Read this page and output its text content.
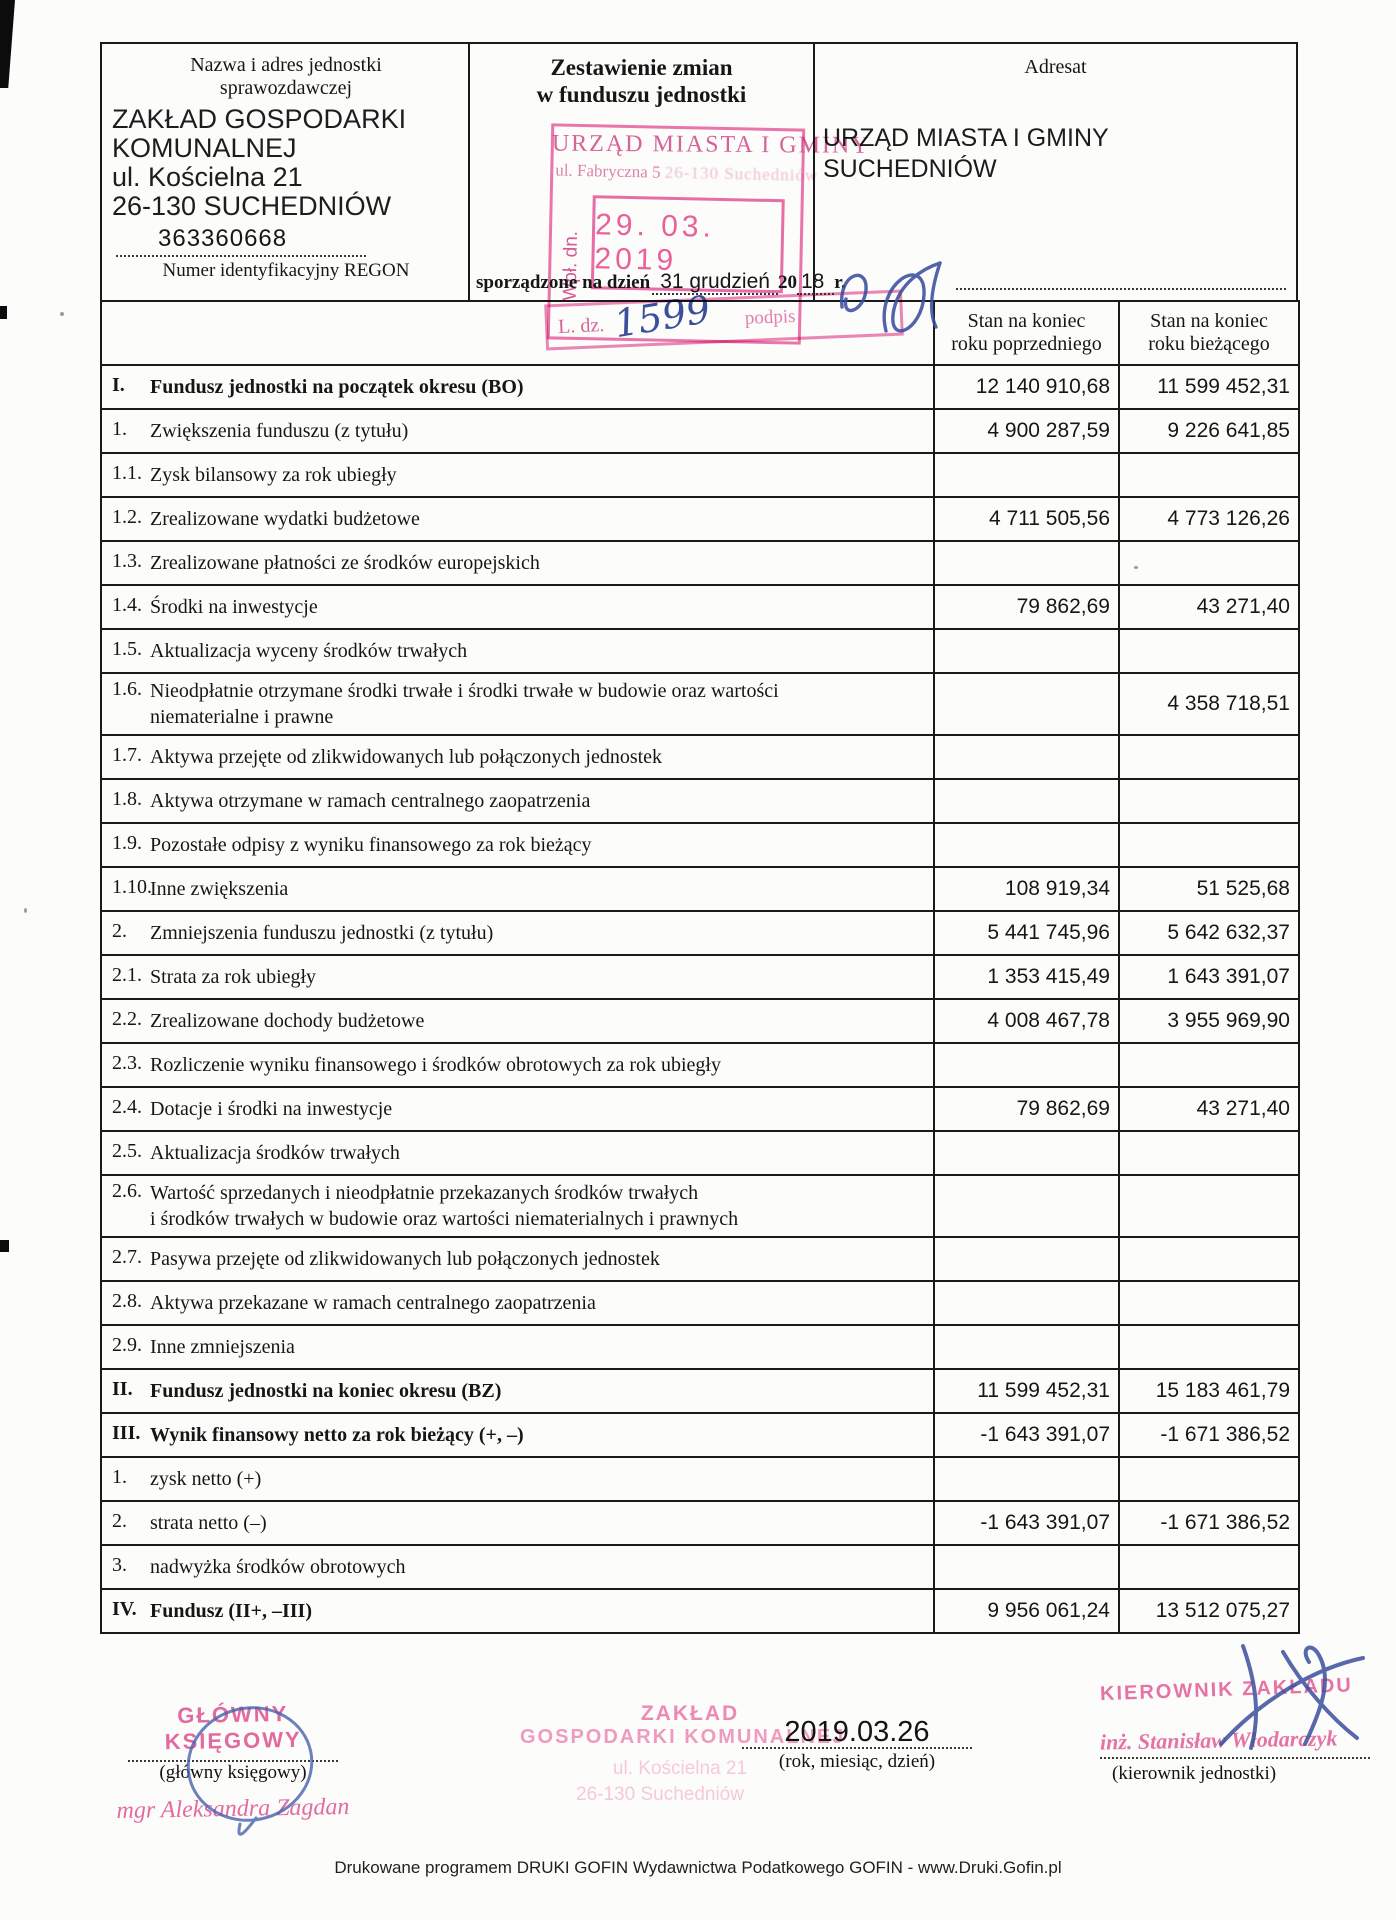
Nazwa i adres jednostki
sprawozdawczej
ZAKŁAD GOSPODARKI
KOMUNALNEJ
ul. Kościelna 21
26-130 SUCHEDNIÓW
363360668
Numer identyfikacyjny REGON
Zestawienie zmian
w funduszu jednostki
sporządzone na dzień 31 grudzień 20 18 r.
Adresat
URZĄD MIASTA I GMINY
SUCHEDNIÓW
	Stan na koniec
roku poprzedniego	Stan na koniec
roku bieżącego
I. Fundusz jednostki na początek okresu (BO)	12 140 910,68	11 599 452,31
1. Zwiększenia funduszu (z tytułu)	4 900 287,59	9 226 641,85
1.1. Zysk bilansowy za rok ubiegły		
1.2. Zrealizowane wydatki budżetowe	4 711 505,56	4 773 126,26
1.3. Zrealizowane płatności ze środków europejskich		
1.4. Środki na inwestycje	79 862,69	43 271,40
1.5. Aktualizacja wyceny środków trwałych		
1.6. Nieodpłatnie otrzymane środki trwałe i środki trwałe w budowie oraz wartości
niematerialne i prawne		4 358 718,51
1.7. Aktywa przejęte od zlikwidowanych lub połączonych jednostek		
1.8. Aktywa otrzymane w ramach centralnego zaopatrzenia		
1.9. Pozostałe odpisy z wyniku finansowego za rok bieżący		
1.10.Inne zwiększenia	108 919,34	51 525,68
2. Zmniejszenia funduszu jednostki (z tytułu)	5 441 745,96	5 642 632,37
2.1. Strata za rok ubiegły	1 353 415,49	1 643 391,07
2.2. Zrealizowane dochody budżetowe	4 008 467,78	3 955 969,90
2.3. Rozliczenie wyniku finansowego i środków obrotowych za rok ubiegły		
2.4. Dotacje i środki na inwestycje	79 862,69	43 271,40
2.5. Aktualizacja środków trwałych		
2.6. Wartość sprzedanych i nieodpłatnie przekazanych środków trwałych
i środków trwałych w budowie oraz wartości niematerialnych i prawnych		
2.7. Pasywa przejęte od zlikwidowanych lub połączonych jednostek		
2.8. Aktywa przekazane w ramach centralnego zaopatrzenia		
2.9. Inne zmniejszenia		
II. Fundusz jednostki na koniec okresu (BZ)	11 599 452,31	15 183 461,79
III. Wynik finansowy netto za rok bieżący (+, –)	-1 643 391,07	-1 671 386,52
1. zysk netto (+)		
2. strata netto (–)	-1 643 391,07	-1 671 386,52
3. nadwyżka środków obrotowych		
IV. Fundusz (II+, –III)	9 956 061,24	13 512 075,27
URZĄD MIASTA I GMINY
ul. Fabryczna 5 26-130 Suchedniów
Wpł. dn.
29. 03. 2019
L. dz. 1599 podpis
GŁÓWNY KSIĘGOWY
(główny księgowy)
mgr Aleksandra Zagdan
ZAKŁAD
GOSPODARKI KOMUNALNEJ
ul. Kościelna 21
26-130 Suchedniów
2019.03.26
(rok, miesiąc, dzień)
KIEROWNIK ZAKŁADU
inż. Stanisław Włodarczyk
(kierownik jednostki)
Drukowane programem DRUKI GOFIN Wydawnictwa Podatkowego GOFIN - www.Druki.Gofin.pl
